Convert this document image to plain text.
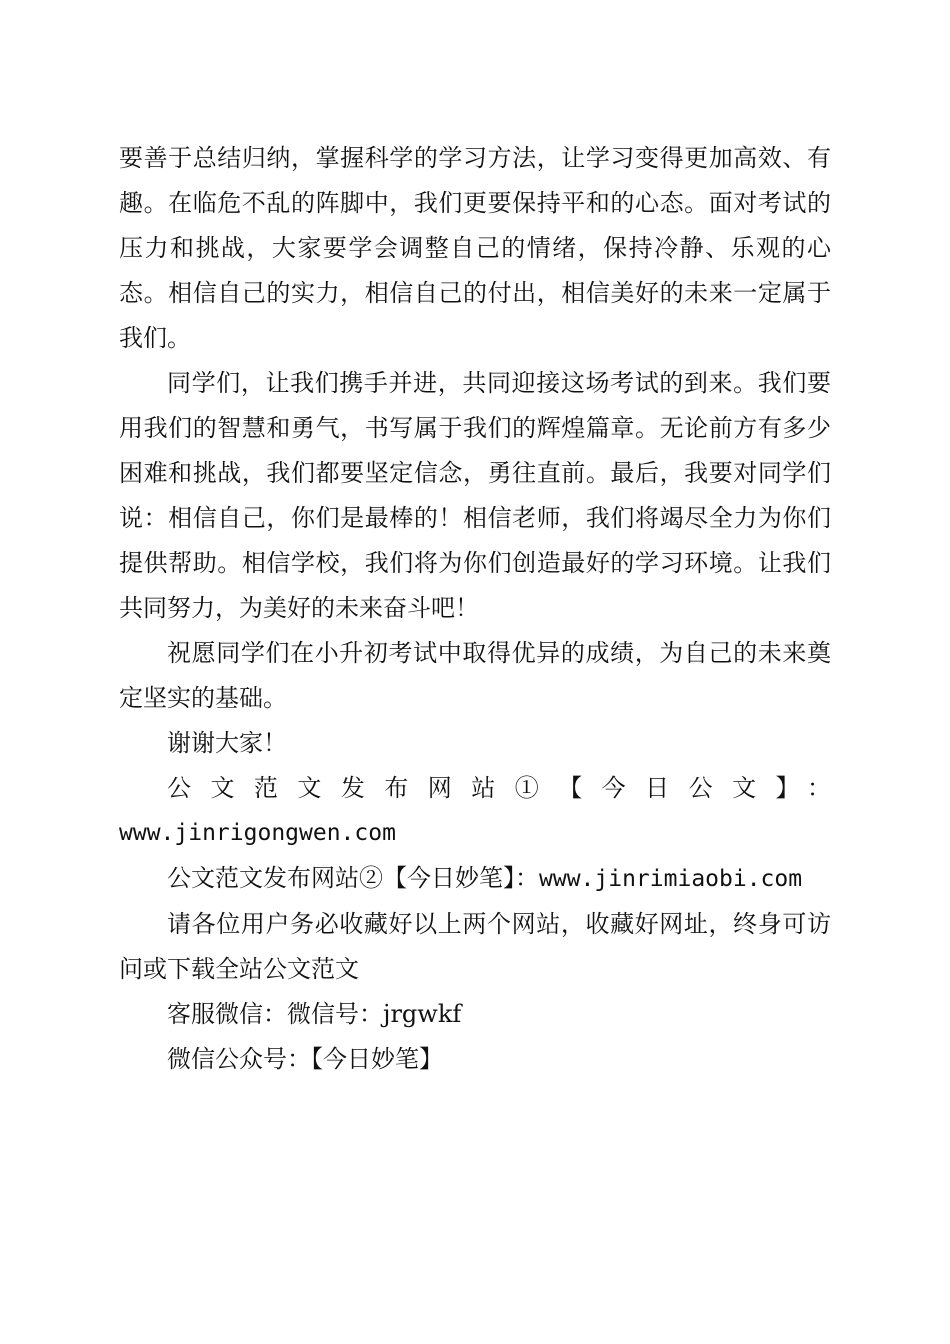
要善于总结归纳，掌握科学的学习方法，让学习变得更加高效、有趣。在临危不乱的阵脚中，我们更要保持平和的心态。面对考试的压力和挑战，大家要学会调整自己的情绪，保持冷静、乐观的心态。相信自己的实力，相信自己的付出，相信美好的未来一定属于我们。

同学们，让我们携手并进，共同迎接这场考试的到来。我们要用我们的智慧和勇气，书写属于我们的辉煌篇章。无论前方有多少困难和挑战，我们都要坚定信念，勇往直前。最后，我要对同学们说：相信自己，你们是最棒的！相信老师，我们将竭尽全力为你们提供帮助。相信学校，我们将为你们创造最好的学习环境。让我们共同努力，为美好的未来奋斗吧！

祝愿同学们在小升初考试中取得优异的成绩，为自己的未来奠定坚实的基础。

谢谢大家！

公文范文发布网站①【今日公文】：

www.jinrigongwen.com

公文范文发布网站②【今日妙笔】：www.jinrimiaobi.com

请各位用户务必收藏好以上两个网站，收藏好网址，终身可访问或下载全站公文范文

客服微信：微信号：jrgwkf

微信公众号：【今日妙笔】
